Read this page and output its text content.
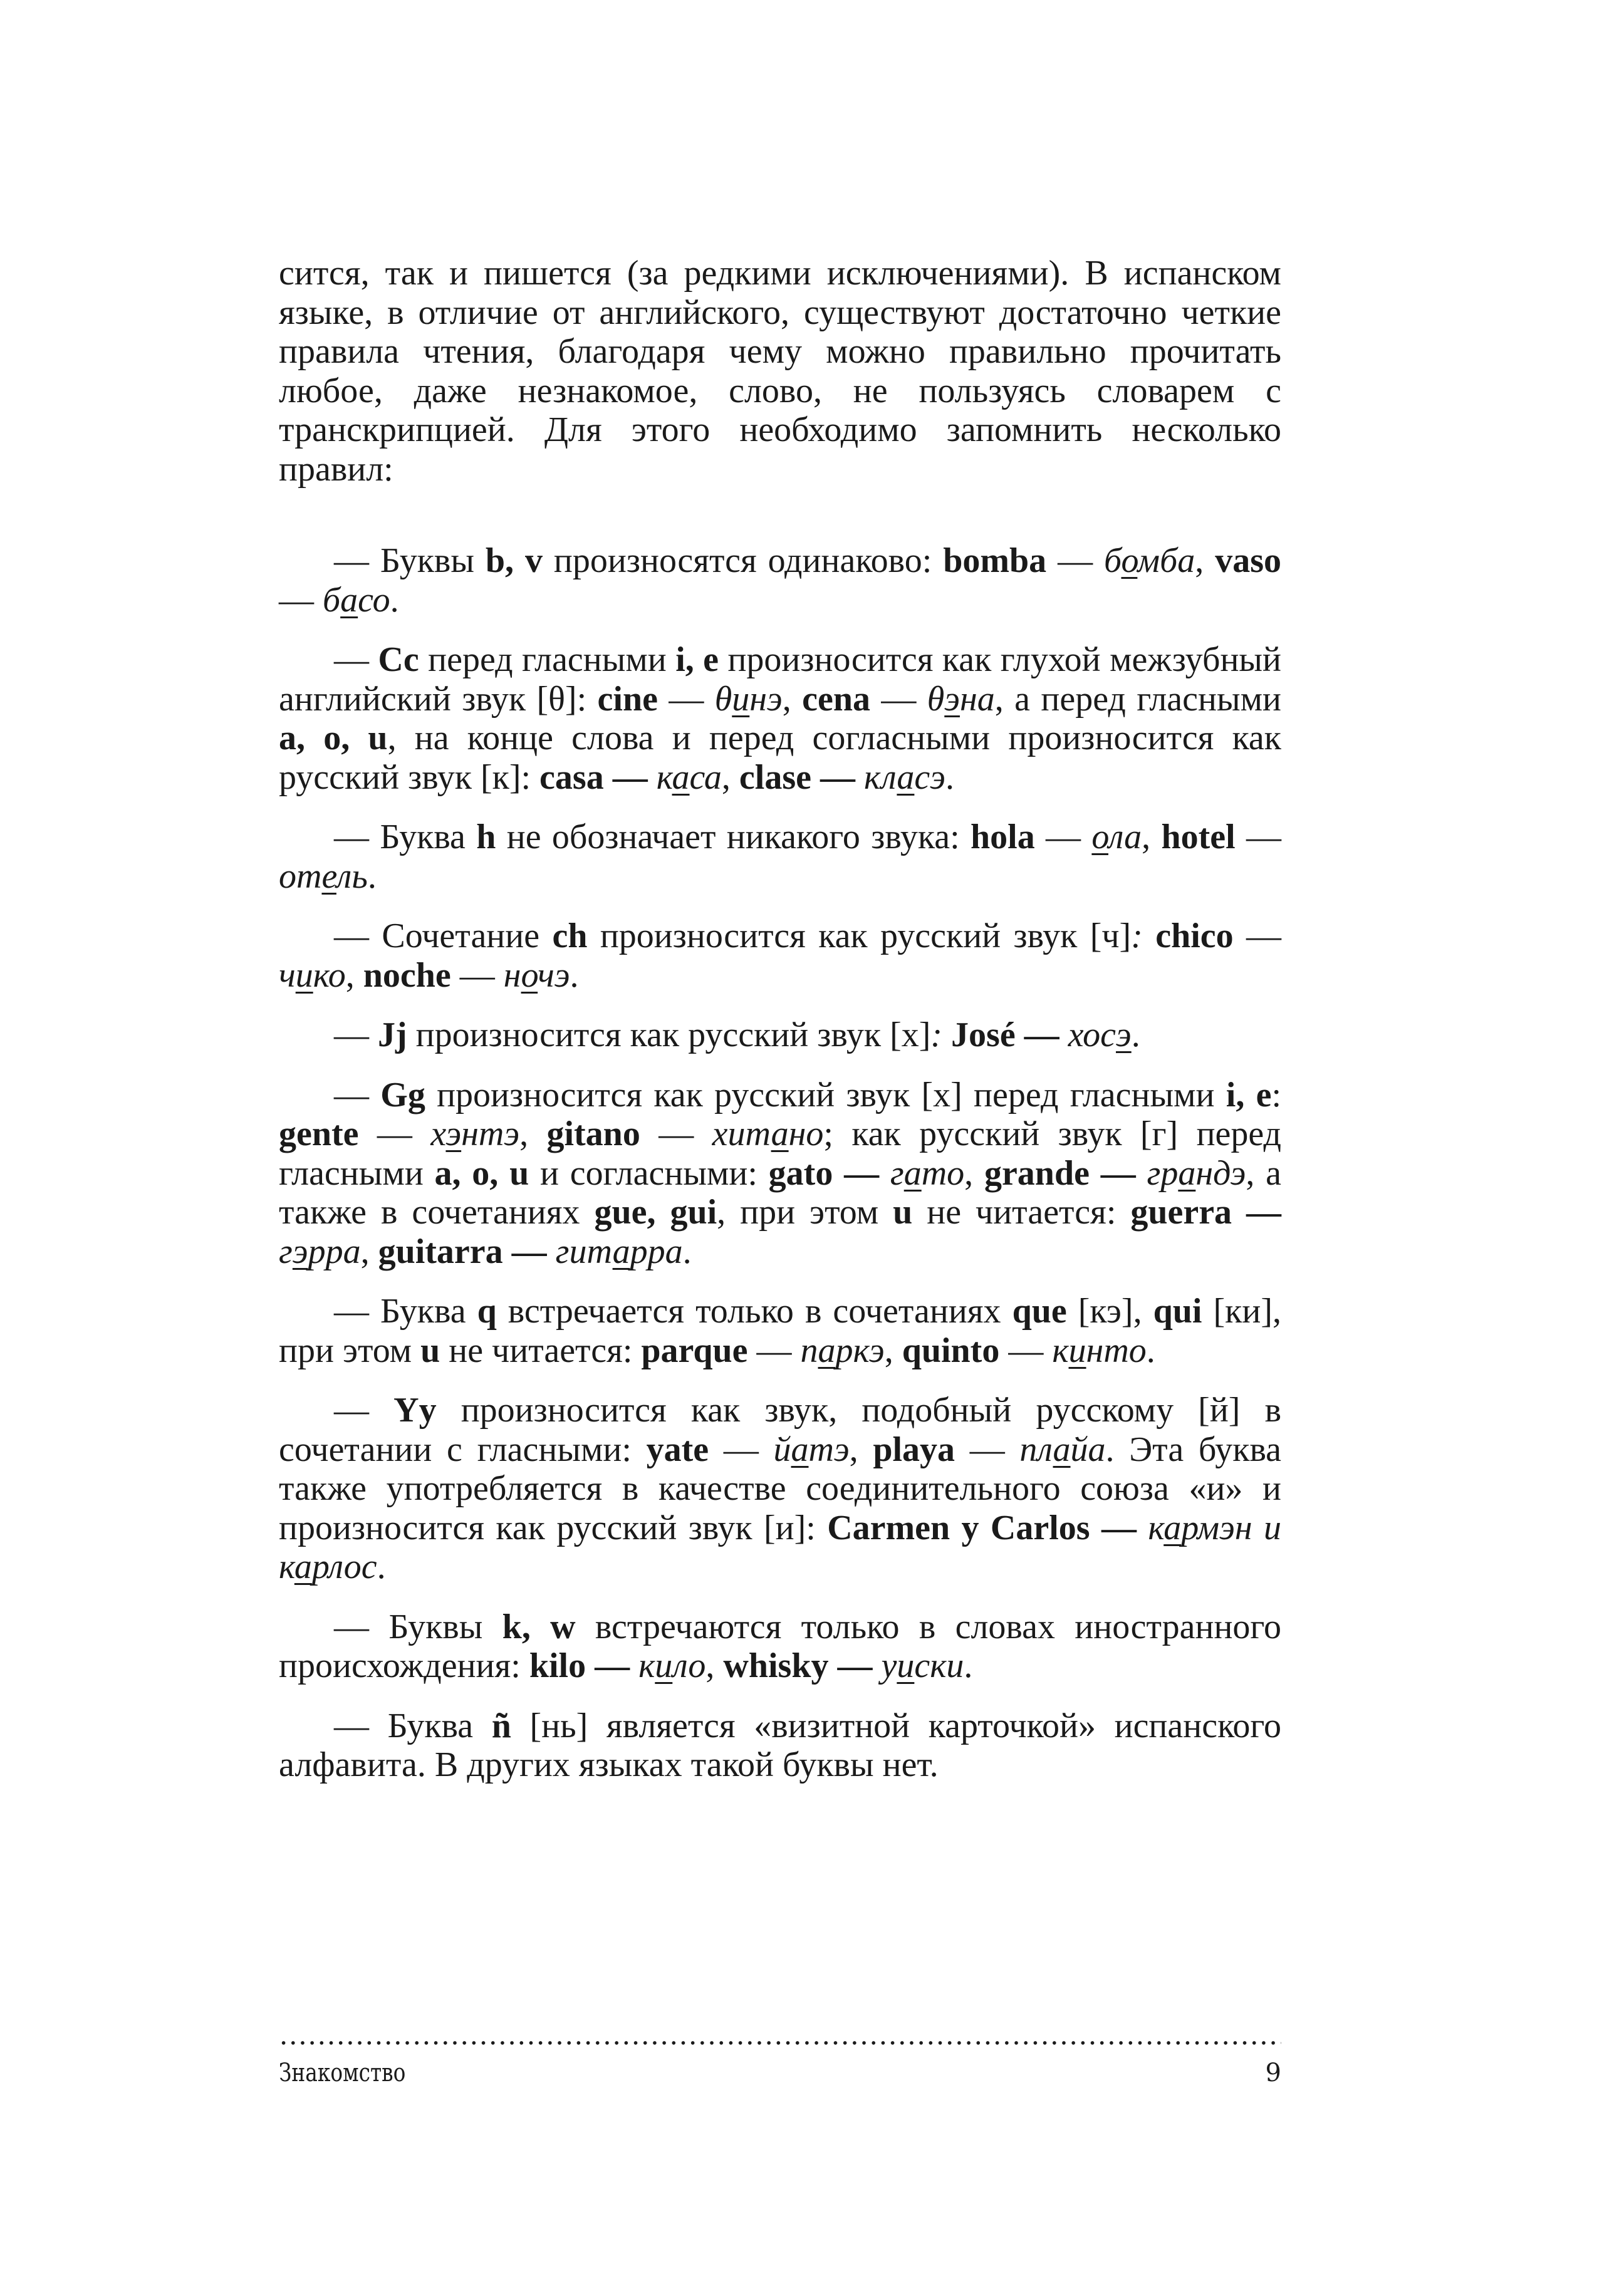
сится, так и пишется (за редкими исключениями). В испанском языке, в отличие от английского, существуют достаточно четкие правила чтения, благодаря чему можно правильно прочитать любое, даже незнакомое, слово, не пользуясь словарем с транскрипцией. Для этого необходимо запомнить несколько правил:

— Буквы b, v произносятся одинаково: bomba — бомба, vaso — басо.

— Cc перед гласными i, e произносится как глухой межзубный английский звук [θ]: cine — θинэ, cena — θэна, а перед гласными a, o, u, на конце слова и перед согласными произносится как русский звук [к]: casa — каса, clase — класэ.

— Буква h не обозначает никакого звука: hola — ола, hotel — отель.

— Сочетание ch произносится как русский звук [ч]: chico — чико, noche — ночэ.

— Jj произносится как русский звук [х]: José — хосэ.

— Gg произносится как русский звук [х] перед гласными i, e: gente — хэнтэ, gitano — хитано; как русский звук [г] перед гласными a, o, u и согласными: gato — гато, grande — грандэ, а также в сочетаниях gue, gui, при этом u не читается: guerra — гэрра, guitarra — гитарра.

— Буква q встречается только в сочетаниях que [кэ], qui [ки], при этом u не читается: parque — паркэ, quinto — кинто.

— Yy произносится как звук, подобный русскому [й] в сочетании с гласными: yate — йатэ, playa — плайа. Эта буква также употребляется в качестве соединительного союза «и» и произносится как русский звук [и]: Carmen y Carlos — кармэн и карлос.

— Буквы k, w встречаются только в словах иностранного происхождения: kilo — кило, whisky — уиски.

— Буква ñ [нь] является «визитной карточкой» испанского алфавита. В других языках такой буквы нет.

Знакомство	9
